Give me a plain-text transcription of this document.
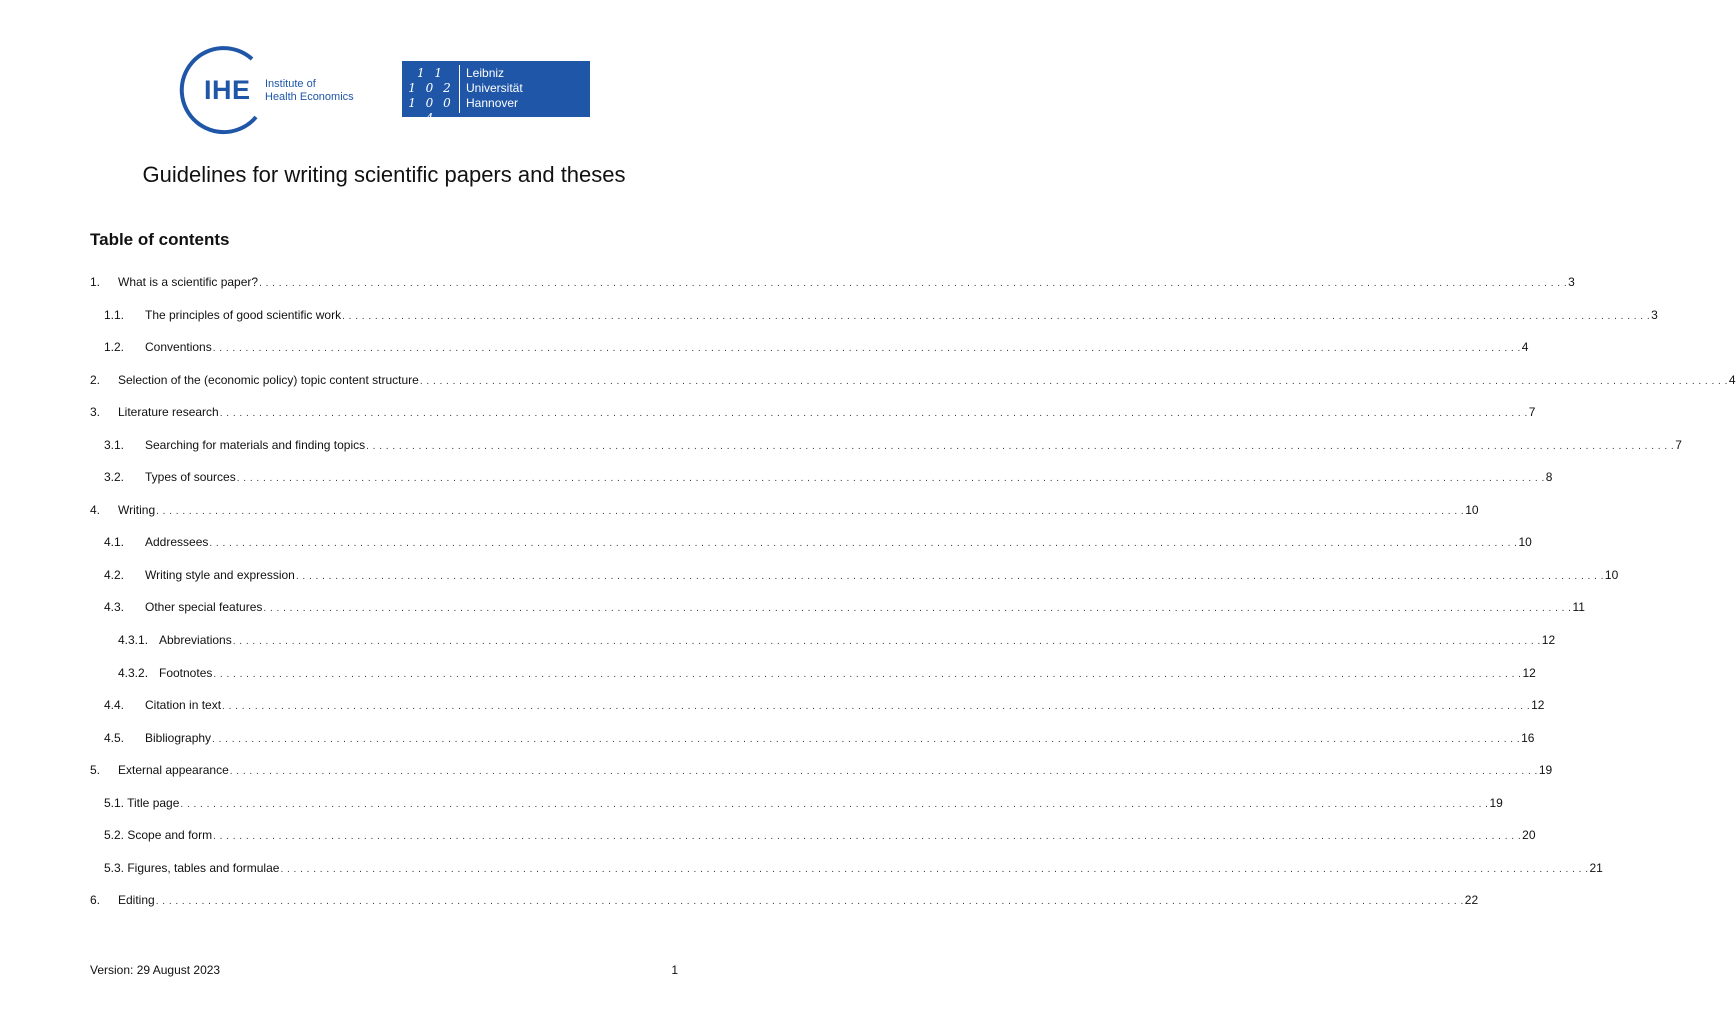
IHE Institute of
Health Economics
1 1
1 0 2
1 0 0 4
Leibniz
Universität
Hannover
Guidelines for writing scientific papers and theses
Table of contents
1.	What is a scientific paper? . . . . . . . . . . . . . . . . . . . . . . . . . . . . . . . . . . . . . . . . . . . . . . . . . . . . . . . . . . . . . . . . . . . . . . . . . . . . . . . . . . . . . . . . . . . . . . . . . . . . . . . . . . . . . . . . . . . . . . . . . . . . . . . . . . . . . . . . . . . . . . . . . . . . . . . . . . . . . . . . . . . . . . . . . . . . . . . . . . . . . . . . . . . . . . . . . . . . . . . . 3
1.1.	The principles of good scientific work . . . . . . . . . . . . . . . . . . . . . . . . . . . . . . . . . . . . . . . . . . . . . . . . . . . . . . . . . . . . . . . . . . . . . . . . . . . . . . . . . . . . . . . . . . . . . . . . . . . . . . . . . . . . . . . . . . . . . . . . . . . . . . . . . . . . . . . . . . . . . . . . . . . . . . . . . . . . . . . . . . . . . . . . . . . . . . . . . . . . . . . . . . . . . . . . . . . . . . . . 3
1.2.	Conventions . . . . . . . . . . . . . . . . . . . . . . . . . . . . . . . . . . . . . . . . . . . . . . . . . . . . . . . . . . . . . . . . . . . . . . . . . . . . . . . . . . . . . . . . . . . . . . . . . . . . . . . . . . . . . . . . . . . . . . . . . . . . . . . . . . . . . . . . . . . . . . . . . . . . . . . . . . . . . . . . . . . . . . . . . . . . . . . . . . . . . . . . . . . . . . . . . . . . . . . . 4
2.	Selection of the (economic policy) topic content structure . . . . . . . . . . . . . . . . . . . . . . . . . . . . . . . . . . . . . . . . . . . . . . . . . . . . . . . . . . . . . . . . . . . . . . . . . . . . . . . . . . . . . . . . . . . . . . . . . . . . . . . . . . . . . . . . . . . . . . . . . . . . . . . . . . . . . . . . . . . . . . . . . . . . . . . . . . . . . . . . . . . . . . . . . . . . . . . . . . . . . . . . . . . . . . . . . . . . . . . . 4
3.	Literature research . . . . . . . . . . . . . . . . . . . . . . . . . . . . . . . . . . . . . . . . . . . . . . . . . . . . . . . . . . . . . . . . . . . . . . . . . . . . . . . . . . . . . . . . . . . . . . . . . . . . . . . . . . . . . . . . . . . . . . . . . . . . . . . . . . . . . . . . . . . . . . . . . . . . . . . . . . . . . . . . . . . . . . . . . . . . . . . . . . . . . . . . . . . . . . . . . . . . . . . . 7
3.1.	Searching for materials and finding topics . . . . . . . . . . . . . . . . . . . . . . . . . . . . . . . . . . . . . . . . . . . . . . . . . . . . . . . . . . . . . . . . . . . . . . . . . . . . . . . . . . . . . . . . . . . . . . . . . . . . . . . . . . . . . . . . . . . . . . . . . . . . . . . . . . . . . . . . . . . . . . . . . . . . . . . . . . . . . . . . . . . . . . . . . . . . . . . . . . . . . . . . . . . . . . . . . . . . . . . . 7
3.2.	Types of sources . . . . . . . . . . . . . . . . . . . . . . . . . . . . . . . . . . . . . . . . . . . . . . . . . . . . . . . . . . . . . . . . . . . . . . . . . . . . . . . . . . . . . . . . . . . . . . . . . . . . . . . . . . . . . . . . . . . . . . . . . . . . . . . . . . . . . . . . . . . . . . . . . . . . . . . . . . . . . . . . . . . . . . . . . . . . . . . . . . . . . . . . . . . . . . . . . . . . . . . . 8
4.	Writing . . . . . . . . . . . . . . . . . . . . . . . . . . . . . . . . . . . . . . . . . . . . . . . . . . . . . . . . . . . . . . . . . . . . . . . . . . . . . . . . . . . . . . . . . . . . . . . . . . . . . . . . . . . . . . . . . . . . . . . . . . . . . . . . . . . . . . . . . . . . . . . . . . . . . . . . . . . . . . . . . . . . . . . . . . . . . . . . . . . . . . . . . . . . . . . . . . . . . . . . 10
4.1.	Addressees . . . . . . . . . . . . . . . . . . . . . . . . . . . . . . . . . . . . . . . . . . . . . . . . . . . . . . . . . . . . . . . . . . . . . . . . . . . . . . . . . . . . . . . . . . . . . . . . . . . . . . . . . . . . . . . . . . . . . . . . . . . . . . . . . . . . . . . . . . . . . . . . . . . . . . . . . . . . . . . . . . . . . . . . . . . . . . . . . . . . . . . . . . . . . . . . . . . . . . . . 10
4.2.	Writing style and expression . . . . . . . . . . . . . . . . . . . . . . . . . . . . . . . . . . . . . . . . . . . . . . . . . . . . . . . . . . . . . . . . . . . . . . . . . . . . . . . . . . . . . . . . . . . . . . . . . . . . . . . . . . . . . . . . . . . . . . . . . . . . . . . . . . . . . . . . . . . . . . . . . . . . . . . . . . . . . . . . . . . . . . . . . . . . . . . . . . . . . . . . . . . . . . . . . . . . . . . . 10
4.3.	Other special features . . . . . . . . . . . . . . . . . . . . . . . . . . . . . . . . . . . . . . . . . . . . . . . . . . . . . . . . . . . . . . . . . . . . . . . . . . . . . . . . . . . . . . . . . . . . . . . . . . . . . . . . . . . . . . . . . . . . . . . . . . . . . . . . . . . . . . . . . . . . . . . . . . . . . . . . . . . . . . . . . . . . . . . . . . . . . . . . . . . . . . . . . . . . . . . . . . . . . . . . 11
4.3.1. Abbreviations . . . . . . . . . . . . . . . . . . . . . . . . . . . . . . . . . . . . . . . . . . . . . . . . . . . . . . . . . . . . . . . . . . . . . . . . . . . . . . . . . . . . . . . . . . . . . . . . . . . . . . . . . . . . . . . . . . . . . . . . . . . . . . . . . . . . . . . . . . . . . . . . . . . . . . . . . . . . . . . . . . . . . . . . . . . . . . . . . . . . . . . . . . . . . . . . . . . . . . . . 12
4.3.2. Footnotes . . . . . . . . . . . . . . . . . . . . . . . . . . . . . . . . . . . . . . . . . . . . . . . . . . . . . . . . . . . . . . . . . . . . . . . . . . . . . . . . . . . . . . . . . . . . . . . . . . . . . . . . . . . . . . . . . . . . . . . . . . . . . . . . . . . . . . . . . . . . . . . . . . . . . . . . . . . . . . . . . . . . . . . . . . . . . . . . . . . . . . . . . . . . . . . . . . . . . . . . 12
4.4.	Citation in text . . . . . . . . . . . . . . . . . . . . . . . . . . . . . . . . . . . . . . . . . . . . . . . . . . . . . . . . . . . . . . . . . . . . . . . . . . . . . . . . . . . . . . . . . . . . . . . . . . . . . . . . . . . . . . . . . . . . . . . . . . . . . . . . . . . . . . . . . . . . . . . . . . . . . . . . . . . . . . . . . . . . . . . . . . . . . . . . . . . . . . . . . . . . . . . . . . . . . . . . 12
4.5.	Bibliography . . . . . . . . . . . . . . . . . . . . . . . . . . . . . . . . . . . . . . . . . . . . . . . . . . . . . . . . . . . . . . . . . . . . . . . . . . . . . . . . . . . . . . . . . . . . . . . . . . . . . . . . . . . . . . . . . . . . . . . . . . . . . . . . . . . . . . . . . . . . . . . . . . . . . . . . . . . . . . . . . . . . . . . . . . . . . . . . . . . . . . . . . . . . . . . . . . . . . . . . 16
5.	External appearance . . . . . . . . . . . . . . . . . . . . . . . . . . . . . . . . . . . . . . . . . . . . . . . . . . . . . . . . . . . . . . . . . . . . . . . . . . . . . . . . . . . . . . . . . . . . . . . . . . . . . . . . . . . . . . . . . . . . . . . . . . . . . . . . . . . . . . . . . . . . . . . . . . . . . . . . . . . . . . . . . . . . . . . . . . . . . . . . . . . . . . . . . . . . . . . . . . . . . . . . 19
5.1. Title page . . . . . . . . . . . . . . . . . . . . . . . . . . . . . . . . . . . . . . . . . . . . . . . . . . . . . . . . . . . . . . . . . . . . . . . . . . . . . . . . . . . . . . . . . . . . . . . . . . . . . . . . . . . . . . . . . . . . . . . . . . . . . . . . . . . . . . . . . . . . . . . . . . . . . . . . . . . . . . . . . . . . . . . . . . . . . . . . . . . . . . . . . . . . . . . . . . . . . . . . 19
5.2. Scope and form . . . . . . . . . . . . . . . . . . . . . . . . . . . . . . . . . . . . . . . . . . . . . . . . . . . . . . . . . . . . . . . . . . . . . . . . . . . . . . . . . . . . . . . . . . . . . . . . . . . . . . . . . . . . . . . . . . . . . . . . . . . . . . . . . . . . . . . . . . . . . . . . . . . . . . . . . . . . . . . . . . . . . . . . . . . . . . . . . . . . . . . . . . . . . . . . . . . . . . . . 20
5.3. Figures, tables and formulae . . . . . . . . . . . . . . . . . . . . . . . . . . . . . . . . . . . . . . . . . . . . . . . . . . . . . . . . . . . . . . . . . . . . . . . . . . . . . . . . . . . . . . . . . . . . . . . . . . . . . . . . . . . . . . . . . . . . . . . . . . . . . . . . . . . . . . . . . . . . . . . . . . . . . . . . . . . . . . . . . . . . . . . . . . . . . . . . . . . . . . . . . . . . . . . . . . . . . . . . 21
6.	Editing . . . . . . . . . . . . . . . . . . . . . . . . . . . . . . . . . . . . . . . . . . . . . . . . . . . . . . . . . . . . . . . . . . . . . . . . . . . . . . . . . . . . . . . . . . . . . . . . . . . . . . . . . . . . . . . . . . . . . . . . . . . . . . . . . . . . . . . . . . . . . . . . . . . . . . . . . . . . . . . . . . . . . . . . . . . . . . . . . . . . . . . . . . . . . . . . . . . . . . . . 22
Version: 29 August 2023	1
